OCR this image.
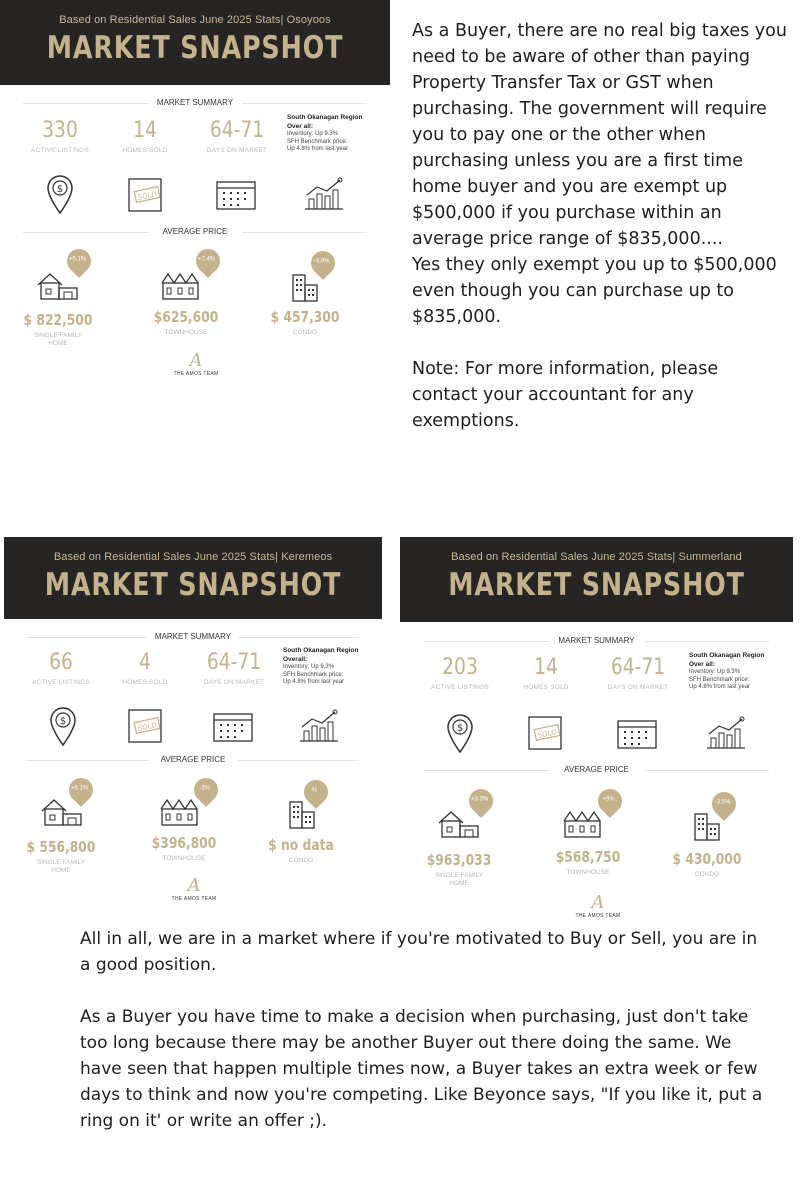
Based on Residential Sales June 2025 Stats| Osoyoos
MARKET SNAPSHOT
MARKET SUMMARY
330
ACTIVE LISTINGS
14
HOMES SOLD
64-71
DAYS ON MARKET
South Okanagan Region
Over all:
Inventory: Up 9.3%
SFH Benchmark price:
Up 4.8% from last year
$
SOLD
AVERAGE PRICE
+5.1%	+2.4%	-4.9%
$ 822,500
SINGLE FAMILY HOME
$625,600
TOWNHOUSE
$ 457,300
CONDO
A
THE AMOS TEAM

As a Buyer, there are no real big taxes you need to be aware of other than paying Property Transfer Tax or GST when purchasing. The government will require you to pay one or the other when purchasing unless you are a first time home buyer and you are exempt up $500,000 if you purchase within an average price range of $835,000....

Yes they only exempt you up to $500,000 even though you can purchase up to $835,000.

Note: For more information, please contact your accountant for any exemptions.

Based on Residential Sales June 2025 Stats| Keremeos
MARKET SNAPSHOT
MARKET SUMMARY
66
ACTIVE LISTINGS
4
HOMES SOLD
64-71
DAYS ON MARKET
South Okanagan Region
Overall:
Inventory: Up 9.3%
SFH Benchmark price:
Up 4.8% from last year
$	SOLD
AVERAGE PRICE
+6.1%	-3%	%
$ 556,800
SINGLE FAMILY HOME
$396,800
TOWNHOUSE
$ no data
CONDO
A
THE AMOS TEAM
Based on Residential Sales June 2025 Stats| Summerland
MARKET SNAPSHOT
MARKET SUMMARY
203
ACTIVE LISTINGS
14
HOMES SOLD
64-71
DAYS ON MARKET
South Okanagan Region
Over all:
Inventory: Up 9.3%
SFH Benchmark price:
Up 4.8% from last year
$	SOLD
AVERAGE PRICE
+3.3%	+9%	-3.5%
$963,033
SINGLE FAMILY HOME
$568,750
TOWNHOUSE
$ 430,000
CONDO
A
THE AMOS TEAM

All in all, we are in a market where if you're motivated to Buy or Sell, you are in a good position.

As a Buyer you have time to make a decision when purchasing, just don't take too long because there may be another Buyer out there doing the same. We have seen that happen multiple times now, a Buyer takes an extra week or few days to think and now you're competing. Like Beyonce says, "If you like it, put a ring on it' or write an offer ;).
